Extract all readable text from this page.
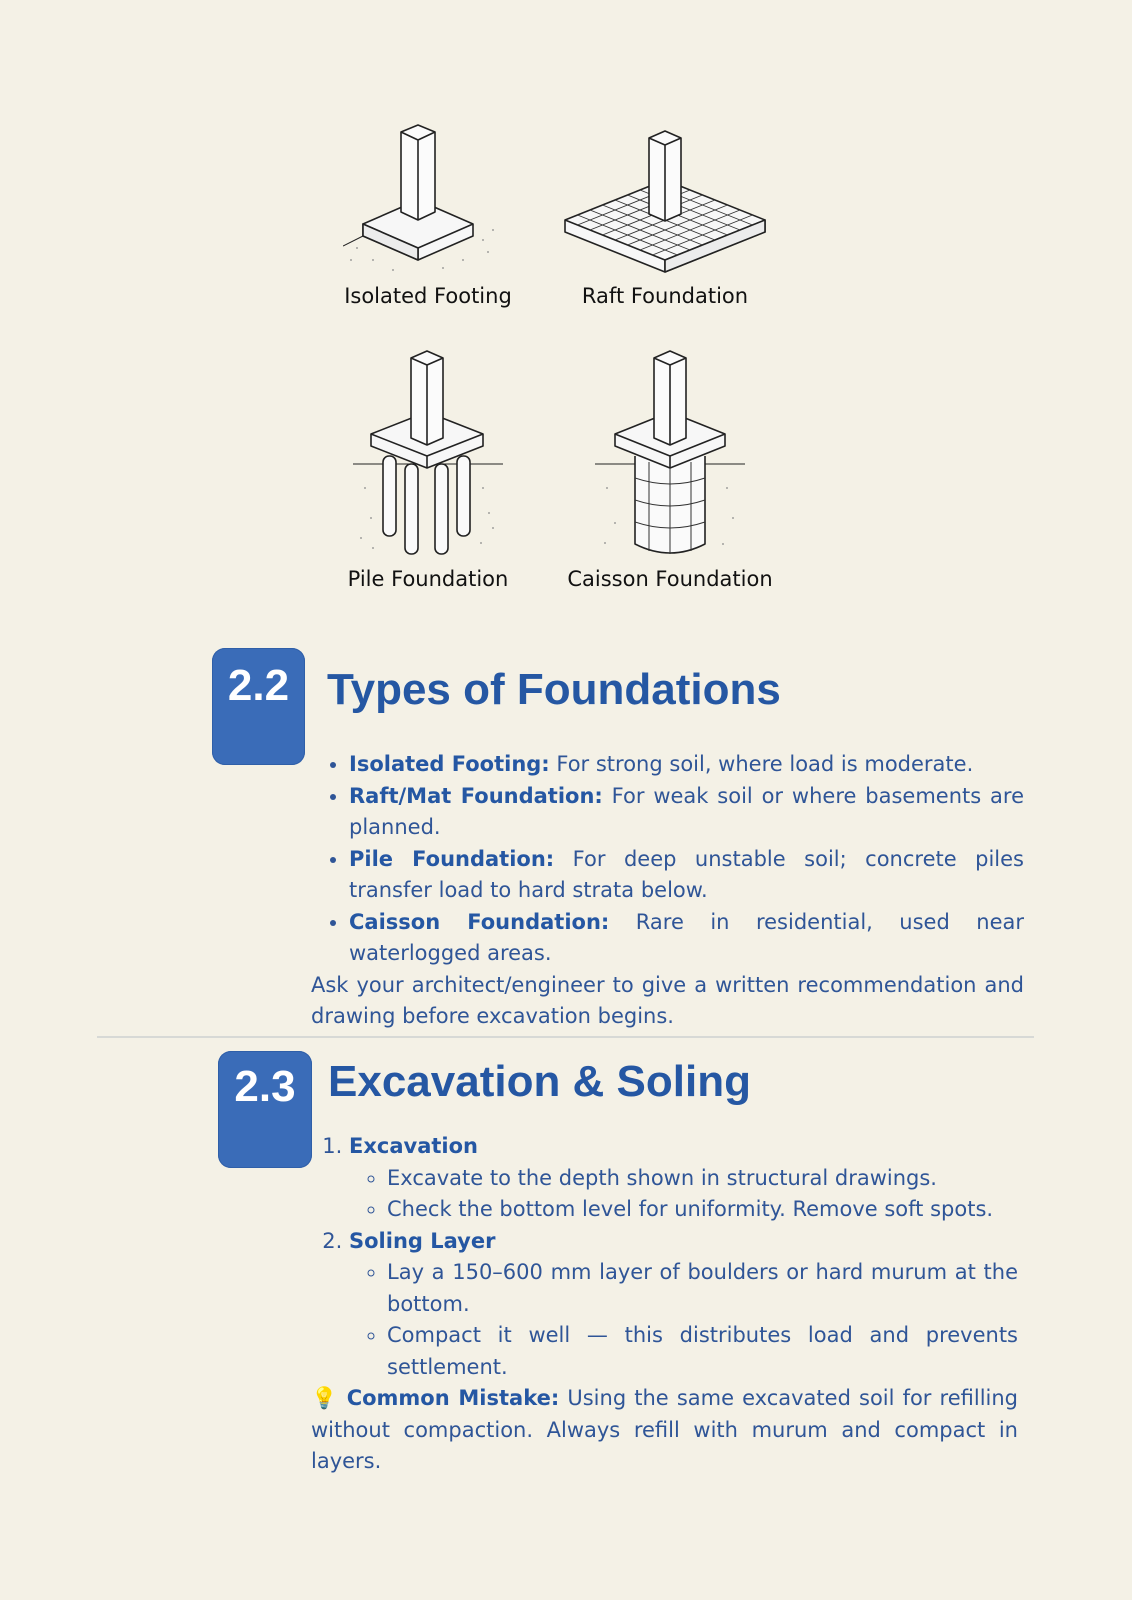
Isolated Footing	Raft Foundation
Pile Foundation	Caisson Foundation
2.2 Types of Foundations
• Isolated Footing: For strong soil, where load is moderate.
• Raft/Mat Foundation: For weak soil or where basements are planned.
• Pile Foundation: For deep unstable soil; concrete piles transfer load to hard strata below.
• Caisson Foundation: Rare in residential, used near waterlogged areas.

Ask your architect/engineer to give a written recommendation and drawing before excavation begins.

2.3 Excavation & Soling
1. Excavation
◦ Excavate to the depth shown in structural drawings.
◦ Check the bottom level for uniformity. Remove soft spots.
2. Soling Layer
◦ Lay a 150–600 mm layer of boulders or hard murum at the bottom.
◦ Compact it well — this distributes load and prevents settlement.

💡 Common Mistake: Using the same excavated soil for refilling without compaction. Always refill with murum and compact in layers.
